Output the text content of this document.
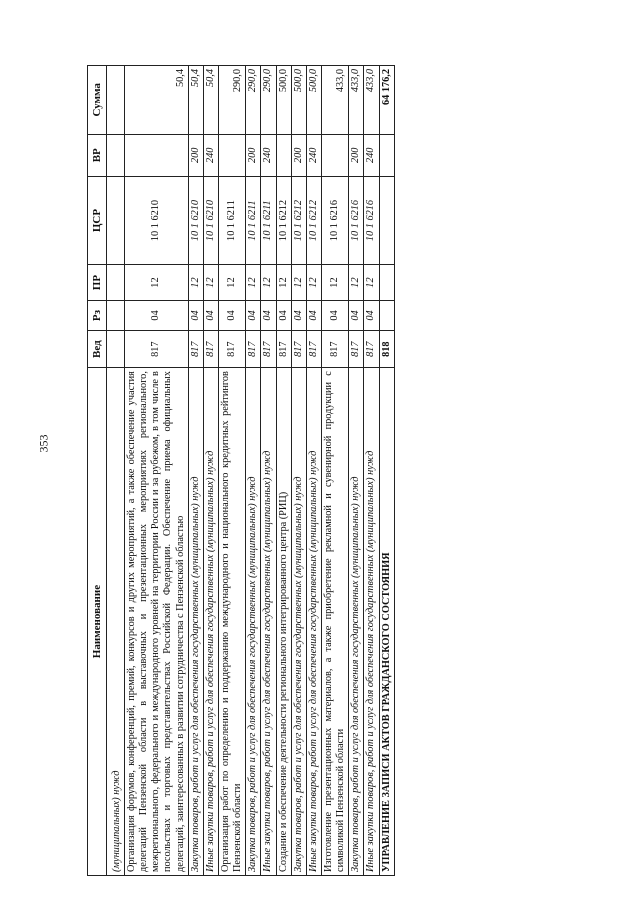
353
Наименование	Вед	Рз	ПР	ЦСР	ВР	Сумма
(муниципальных) нужд						
Организация форумов, конференций, премий, конкурсов и других мероприятий, а также обеспечение участия делегаций Пензенской области в выставочных и презентационных мероприятиях регионального, межрегионального, федерального и международного уровней на территории России и за рубежом, в том числе в посольствах и торговых представительствах Российской Федерации. Обеспечение приема официальных делегаций, заинтересованных в развитии сотрудничества с Пензенской областью	817	04	12	10 1 6210		50,4
Закупка товаров, работ и услуг для обеспечения государственных (муниципальных) нужд	817	04	12	10 1 6210	200	50,4
Иные закупки товаров, работ и услуг для обеспечения государственных (муниципальных) нужд	817	04	12	10 1 6210	240	50,4
Организация работ по определению и поддержанию международного и национального кредитных рейтингов Пензенской области	817	04	12	10 1 6211		290,0
Закупка товаров, работ и услуг для обеспечения государственных (муниципальных) нужд	817	04	12	10 1 6211	200	290,0
Иные закупки товаров, работ и услуг для обеспечения государственных (муниципальных) нужд	817	04	12	10 1 6211	240	290,0
Создание и обеспечение деятельности регионального интегрированного центра (РИЦ)	817	04	12	10 1 6212		500,0
Закупка товаров, работ и услуг для обеспечения государственных (муниципальных) нужд	817	04	12	10 1 6212	200	500,0
Иные закупки товаров, работ и услуг для обеспечения государственных (муниципальных) нужд	817	04	12	10 1 6212	240	500,0
Изготовление презентационных материалов, а также приобретение рекламной и сувенирной продукции с символикой Пензенской области	817	04	12	10 1 6216		433,0
Закупка товаров, работ и услуг для обеспечения государственных (муниципальных) нужд	817	04	12	10 1 6216	200	433,0
Иные закупки товаров, работ и услуг для обеспечения государственных (муниципальных) нужд	817	04	12	10 1 6216	240	433,0
УПРАВЛЕНИЕ ЗАПИСИ АКТОВ ГРАЖДАНСКОГО СОСТОЯНИЯ	818					64 176,2
